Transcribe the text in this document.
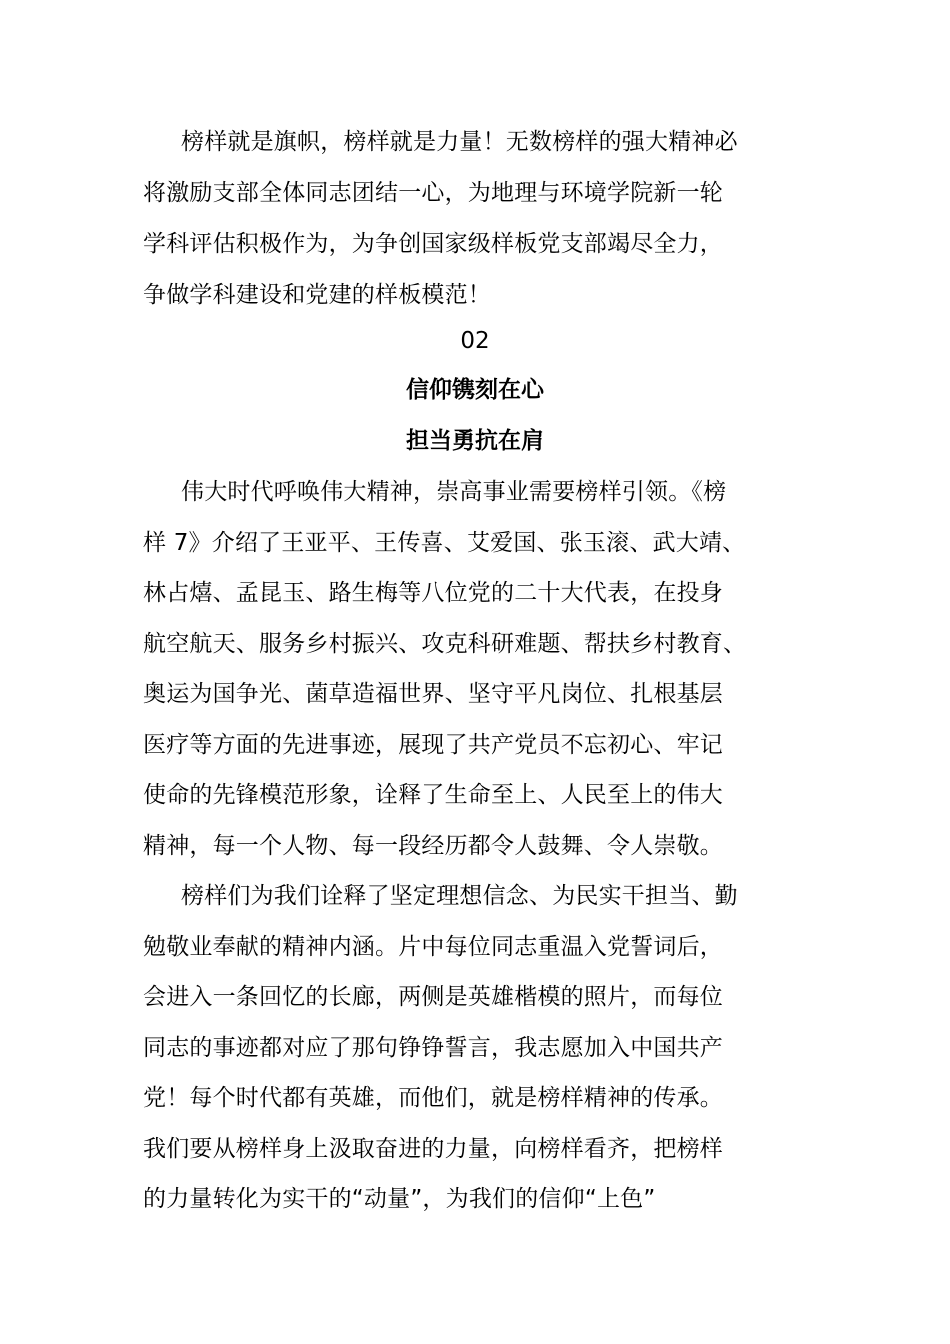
榜样就是旗帜，榜样就是力量！无数榜样的强大精神必
将激励支部全体同志团结一心，为地理与环境学院新一轮
学科评估积极作为，为争创国家级样板党支部竭尽全力，
争做学科建设和党建的样板模范！
02
信仰镌刻在心
担当勇抗在肩
伟大时代呼唤伟大精神，崇高事业需要榜样引领。《榜
样 7》介绍了王亚平、王传喜、艾爱国、张玉滚、武大靖、
林占熺、孟昆玉、路生梅等八位党的二十大代表，在投身
航空航天、服务乡村振兴、攻克科研难题、帮扶乡村教育、
奥运为国争光、菌草造福世界、坚守平凡岗位、扎根基层
医疗等方面的先进事迹，展现了共产党员不忘初心、牢记
使命的先锋模范形象，诠释了生命至上、人民至上的伟大
精神，每一个人物、每一段经历都令人鼓舞、令人崇敬。
榜样们为我们诠释了坚定理想信念、为民实干担当、勤
勉敬业奉献的精神内涵。片中每位同志重温入党誓词后，
会进入一条回忆的长廊，两侧是英雄楷模的照片，而每位
同志的事迹都对应了那句铮铮誓言，我志愿加入中国共产
党！每个时代都有英雄，而他们，就是榜样精神的传承。
我们要从榜样身上汲取奋进的力量，向榜样看齐，把榜样
的力量转化为实干的“动量”，为我们的信仰“上色”
